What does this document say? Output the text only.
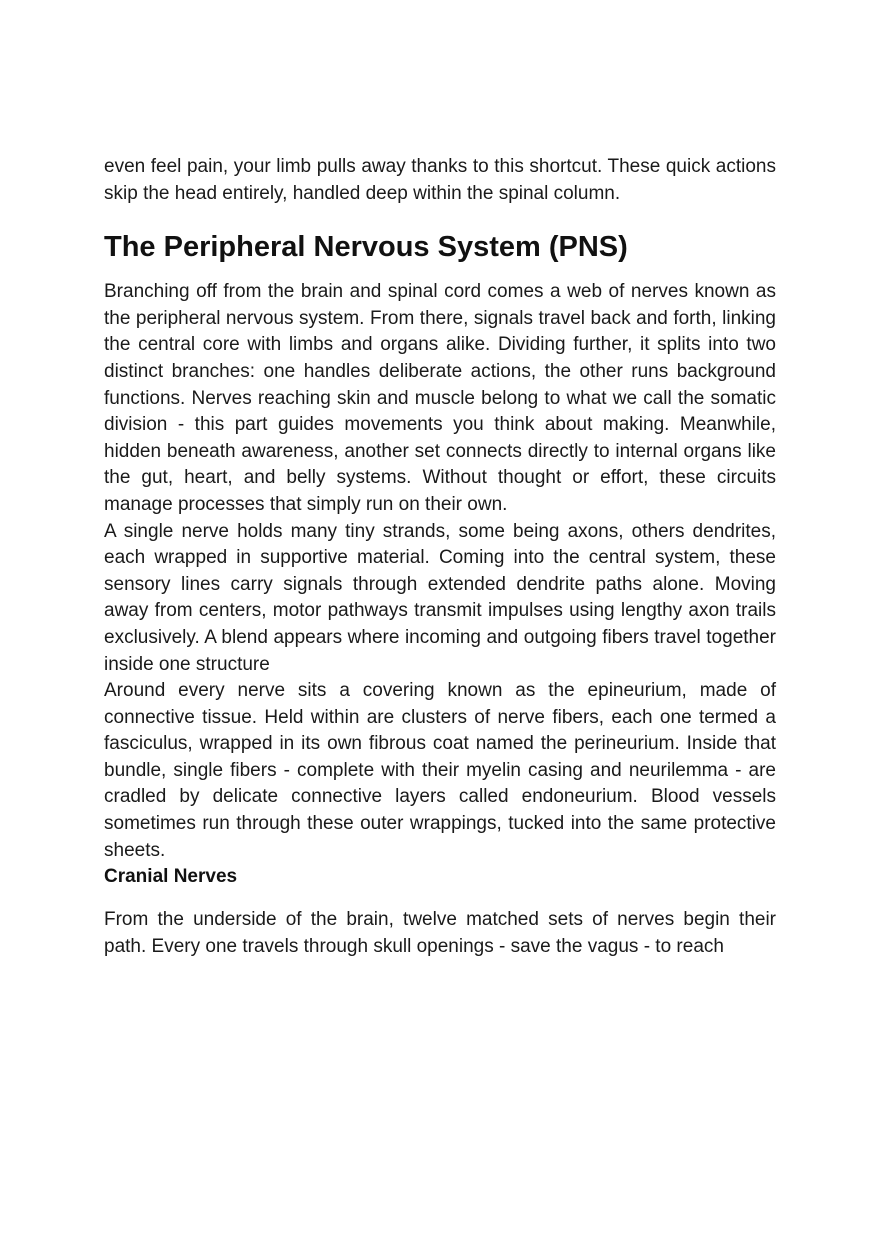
even feel pain, your limb pulls away thanks to this shortcut. These quick actions skip the head entirely, handled deep within the spinal column.

The Peripheral Nervous System (PNS)

Branching off from the brain and spinal cord comes a web of nerves known as the peripheral nervous system. From there, signals travel back and forth, linking the central core with limbs and organs alike. Dividing further, it splits into two distinct branches: one handles deliberate actions, the other runs background functions. Nerves reaching skin and muscle belong to what we call the somatic division - this part guides movements you think about making. Meanwhile, hidden beneath awareness, another set connects directly to internal organs like the gut, heart, and belly systems. Without thought or effort, these circuits manage processes that simply run on their own.

A single nerve holds many tiny strands, some being axons, others dendrites, each wrapped in supportive material. Coming into the central system, these sensory lines carry signals through extended dendrite paths alone. Moving away from centers, motor pathways transmit impulses using lengthy axon trails exclusively. A blend appears where incoming and outgoing fibers travel together inside one structure

Around every nerve sits a covering known as the epineurium, made of connective tissue. Held within are clusters of nerve fibers, each one termed a fasciculus, wrapped in its own fibrous coat named the perineurium. Inside that bundle, single fibers - complete with their myelin casing and neurilemma - are cradled by delicate connective layers called endoneurium. Blood vessels sometimes run through these outer wrappings, tucked into the same protective sheets.

Cranial Nerves

From the underside of the brain, twelve matched sets of nerves begin their path. Every one travels through skull openings - save the vagus - to reach
